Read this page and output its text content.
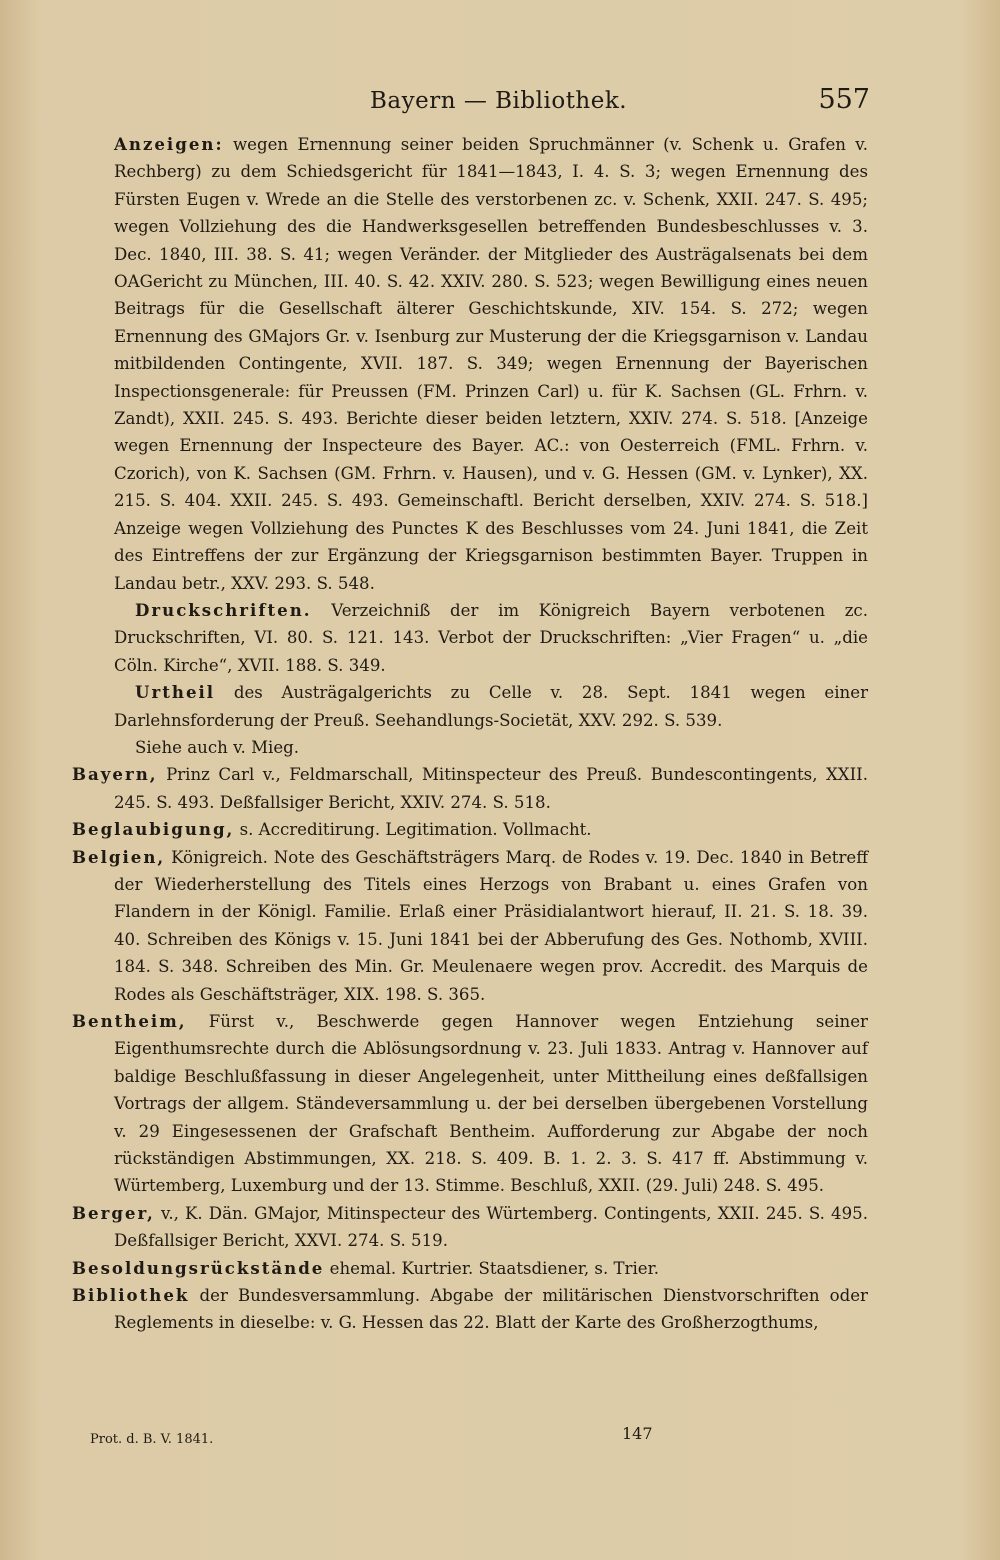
Bayern — Bibliothek.	557

Anzeigen: wegen Ernennung seiner beiden Spruchmänner (v. Schenk u. Grafen v. Rechberg) zu dem Schiedsgericht für 1841—1843, I. 4. S. 3; wegen Ernennung des Fürsten Eugen v. Wrede an die Stelle des verstorbenen zc. v. Schenk, XXII. 247. S. 495; wegen Vollziehung des die Handwerksgesellen betreffenden Bundesbeschlusses v. 3. Dec. 1840, III. 38. S. 41; wegen Veränder. der Mitglieder des Austrägalsenats bei dem OAGericht zu München, III. 40. S. 42. XXIV. 280. S. 523; wegen Bewilligung eines neuen Beitrags für die Gesellschaft älterer Geschichtskunde, XIV. 154. S. 272; wegen Ernennung des GMajors Gr. v. Isenburg zur Musterung der die Kriegsgarnison v. Landau mitbildenden Contingente, XVII. 187. S. 349; wegen Ernennung der Bayerischen Inspectionsgenerale: für Preussen (FM. Prinzen Carl) u. für K. Sachsen (GL. Frhrn. v. Zandt), XXII. 245. S. 493. Berichte dieser beiden letztern, XXIV. 274. S. 518. [Anzeige wegen Ernennung der Inspecteure des Bayer. AC.: von Oesterreich (FML. Frhrn. v. Czorich), von K. Sachsen (GM. Frhrn. v. Hausen), und v. G. Hessen (GM. v. Lynker), XX. 215. S. 404. XXII. 245. S. 493. Gemeinschaftl. Bericht derselben, XXIV. 274. S. 518.] Anzeige wegen Vollziehung des Punctes K des Beschlusses vom 24. Juni 1841, die Zeit des Eintreffens der zur Ergänzung der Kriegsgarnison bestimmten Bayer. Truppen in Landau betr., XXV. 293. S. 548.

Druckschriften. Verzeichniß der im Königreich Bayern verbotenen zc. Druckschriften, VI. 80. S. 121. 143. Verbot der Druckschriften: „Vier Fragen“ u. „die Cöln. Kirche“, XVII. 188. S. 349.

Urtheil des Austrägalgerichts zu Celle v. 28. Sept. 1841 wegen einer Darlehnsforderung der Preuß. Seehandlungs-Societät, XXV. 292. S. 539.

Siehe auch v. Mieg.

Bayern, Prinz Carl v., Feldmarschall, Mitinspecteur des Preuß. Bundescontingents, XXII. 245. S. 493. Deßfallsiger Bericht, XXIV. 274. S. 518.

Beglaubigung, s. Accreditirung. Legitimation. Vollmacht.

Belgien, Königreich. Note des Geschäftsträgers Marq. de Rodes v. 19. Dec. 1840 in Betreff der Wiederherstellung des Titels eines Herzogs von Brabant u. eines Grafen von Flandern in der Königl. Familie. Erlaß einer Präsidialantwort hierauf, II. 21. S. 18. 39. 40. Schreiben des Königs v. 15. Juni 1841 bei der Abberufung des Ges. Nothomb, XVIII. 184. S. 348. Schreiben des Min. Gr. Meulenaere wegen prov. Accredit. des Marquis de Rodes als Geschäftsträger, XIX. 198. S. 365.

Bentheim, Fürst v., Beschwerde gegen Hannover wegen Entziehung seiner Eigenthumsrechte durch die Ablösungsordnung v. 23. Juli 1833. Antrag v. Hannover auf baldige Beschlußfassung in dieser Angelegenheit, unter Mittheilung eines deßfallsigen Vortrags der allgem. Ständeversammlung u. der bei derselben übergebenen Vorstellung v. 29 Eingesessenen der Grafschaft Bentheim. Aufforderung zur Abgabe der noch rückständigen Abstimmungen, XX. 218. S. 409. B. 1. 2. 3. S. 417 ff. Abstimmung v. Würtemberg, Luxemburg und der 13. Stimme. Beschluß, XXII. (29. Juli) 248. S. 495.

Berger, v., K. Dän. GMajor, Mitinspecteur des Würtemberg. Contingents, XXII. 245. S. 495. Deßfallsiger Bericht, XXVI. 274. S. 519.

Besoldungsrückstände ehemal. Kurtrier. Staatsdiener, s. Trier.

Bibliothek der Bundesversammlung. Abgabe der militärischen Dienstvorschriften oder Reglements in dieselbe: v. G. Hessen das 22. Blatt der Karte des Großherzogthums,

Prot. d. B. V. 1841.	147
